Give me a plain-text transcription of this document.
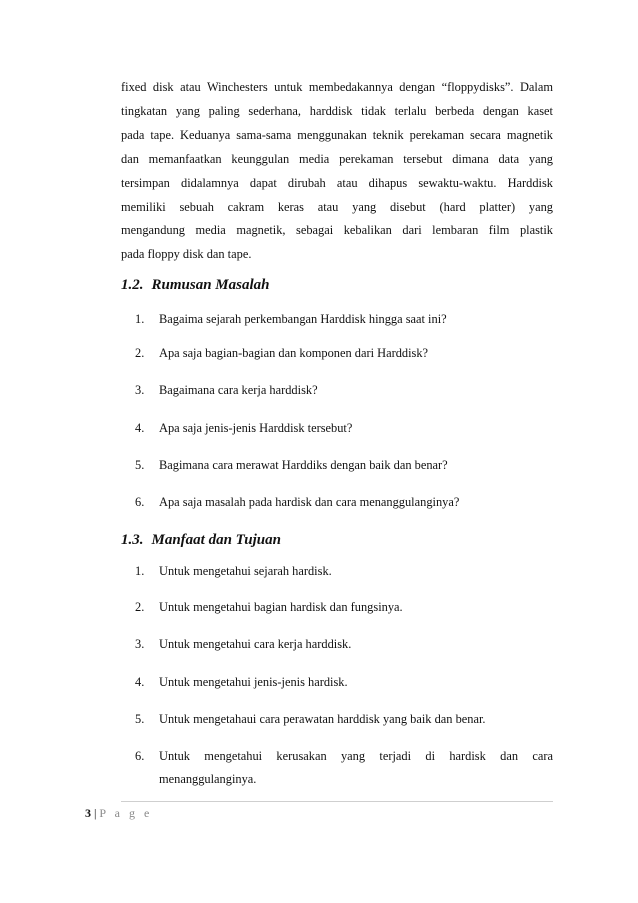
fixed disk atau Winchesters untuk membedakannya dengan “floppydisks”. Dalam
tingkatan yang paling sederhana, harddisk tidak terlalu berbeda dengan kaset
pada tape. Keduanya sama-sama menggunakan teknik perekaman secara magnetik
dan memanfaatkan keunggulan media perekaman tersebut dimana data yang
tersimpan didalamnya dapat dirubah atau dihapus sewaktu-waktu. Harddisk
memiliki sebuah cakram keras atau yang disebut (hard platter) yang
mengandung media magnetik, sebagai kebalikan dari lembaran film plastik
pada floppy disk dan tape.
1.2. Rumusan Masalah
1. Bagaima sejarah perkembangan Harddisk hingga saat ini?
2. Apa saja bagian-bagian dan komponen dari Harddisk?
3. Bagaimana cara kerja harddisk?
4. Apa saja jenis-jenis Harddisk tersebut?
5. Bagimana cara merawat Harddiks dengan baik dan benar?
6. Apa saja masalah pada hardisk dan cara menanggulanginya?
1.3. Manfaat dan Tujuan
1. Untuk mengetahui sejarah hardisk.
2. Untuk mengetahui bagian hardisk dan fungsinya.
3. Untuk mengetahui cara kerja harddisk.
4. Untuk mengetahui jenis-jenis hardisk.
5. Untuk mengetahaui cara perawatan harddisk yang baik dan benar.
6. Untuk mengetahui kerusakan yang terjadi di hardisk dan cara
menanggulanginya.
3 | P a g e
